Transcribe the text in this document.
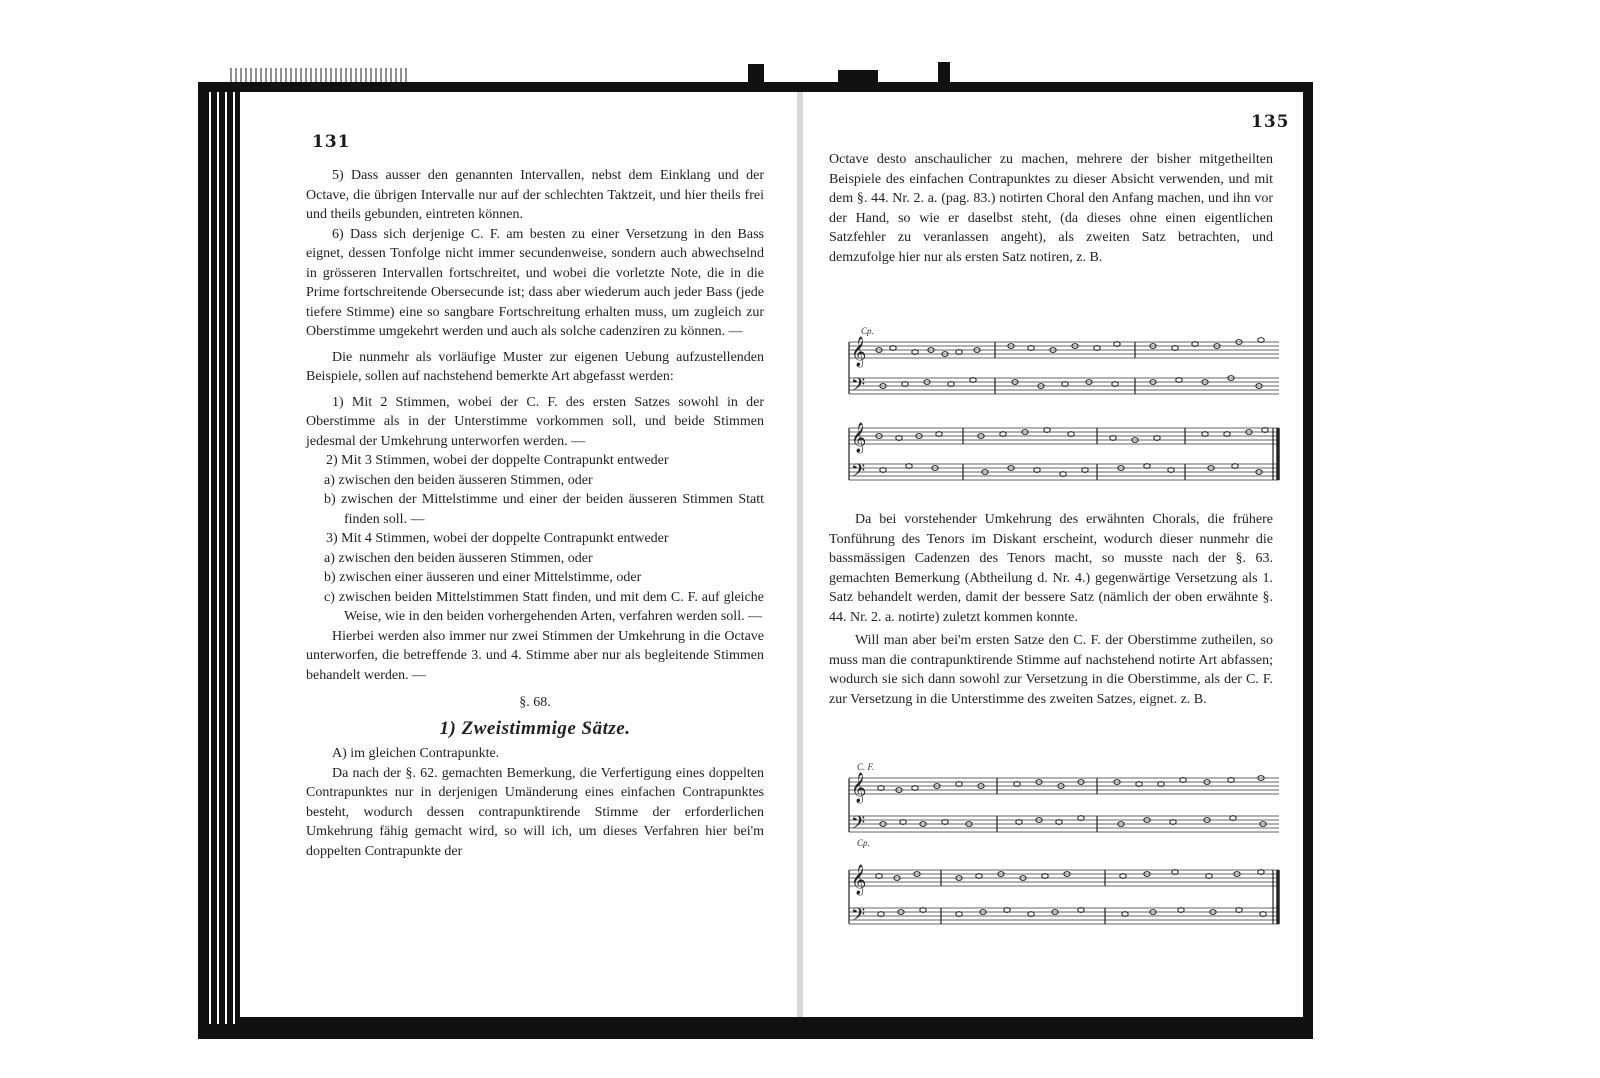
131

5) Dass ausser den genannten Intervallen, nebst dem Einklang und der Octave, die übrigen Intervalle nur auf der schlechten Taktzeit, und hier theils frei und theils gebunden, eintreten können.

6) Dass sich derjenige C. F. am besten zu einer Versetzung in den Bass eignet, dessen Tonfolge nicht immer secundenweise, sondern auch abwechselnd in grösseren Intervallen fortschreitet, und wobei die vorletzte Note, die in die Prime fortschreitende Obersecunde ist; dass aber wiederum auch jeder Bass (jede tiefere Stimme) eine so sangbare Fortschreitung erhalten muss, um zugleich zur Oberstimme umgekehrt werden und auch als solche cadenziren zu können. —

Die nunmehr als vorläufige Muster zur eigenen Uebung aufzustellenden Beispiele, sollen auf nachstehend bemerkte Art abgefasst werden:

1) Mit 2 Stimmen, wobei der C. F. des ersten Satzes sowohl in der Oberstimme als in der Unterstimme vorkommen soll, und beide Stimmen jedesmal der Umkehrung unterworfen werden. —

2) Mit 3 Stimmen, wobei der doppelte Contrapunkt entweder

a) zwischen den beiden äusseren Stimmen, oder

b) zwischen der Mittelstimme und einer der beiden äusseren Stimmen Statt finden soll. —

3) Mit 4 Stimmen, wobei der doppelte Contrapunkt entweder

a) zwischen den beiden äusseren Stimmen, oder

b) zwischen einer äusseren und einer Mittelstimme, oder

c) zwischen beiden Mittelstimmen Statt finden, und mit dem C. F. auf gleiche Weise, wie in den beiden vorhergehenden Arten, verfahren werden soll. —

Hierbei werden also immer nur zwei Stimmen der Umkehrung in die Octave unterworfen, die betreffende 3. und 4. Stimme aber nur als begleitende Stimmen behandelt werden. —

§. 68.

1) Zweistimmige Sätze.

A) im gleichen Contrapunkte.

Da nach der §. 62. gemachten Bemerkung, die Verfertigung eines doppelten Contrapunktes nur in derjenigen Umänderung eines einfachen Contrapunktes besteht, wodurch dessen contrapunktirende Stimme der erforderlichen Umkehrung fähig gemacht wird, so will ich, um dieses Verfahren hier bei'm doppelten Contrapunkte der

135

Octave desto anschaulicher zu machen, mehrere der bisher mitgetheilten Beispiele des einfachen Contrapunktes zu dieser Absicht verwenden, und mit dem §. 44. Nr. 2. a. (pag. 83.) notirten Choral den Anfang machen, und ihn vor der Hand, so wie er daselbst steht, (da dieses ohne einen eigentlichen Satzfehler zu veranlassen angeht), als zweiten Satz betrachten, und demzufolge hier nur als ersten Satz notiren, z. B.

𝄞
𝄢
𝄞
𝄢
Cp.

Da bei vorstehender Umkehrung des erwähnten Chorals, die frühere Tonführung des Tenors im Diskant erscheint, wodurch dieser nunmehr die bassmässigen Cadenzen des Tenors macht, so musste nach der §. 63. gemachten Bemerkung (Abtheilung d. Nr. 4.) gegenwärtige Versetzung als 1. Satz behandelt werden, damit der bessere Satz (nämlich der oben erwähnte §. 44. Nr. 2. a. notirte) zuletzt kommen konnte.

Will man aber bei'm ersten Satze den C. F. der Oberstimme zutheilen, so muss man die contrapunktirende Stimme auf nachstehend notirte Art abfassen; wodurch sie sich dann sowohl zur Versetzung in die Oberstimme, als der C. F. zur Versetzung in die Unterstimme des zweiten Satzes, eignet. z. B.

𝄞
𝄢
𝄞
𝄢
C. F.
Cp.
